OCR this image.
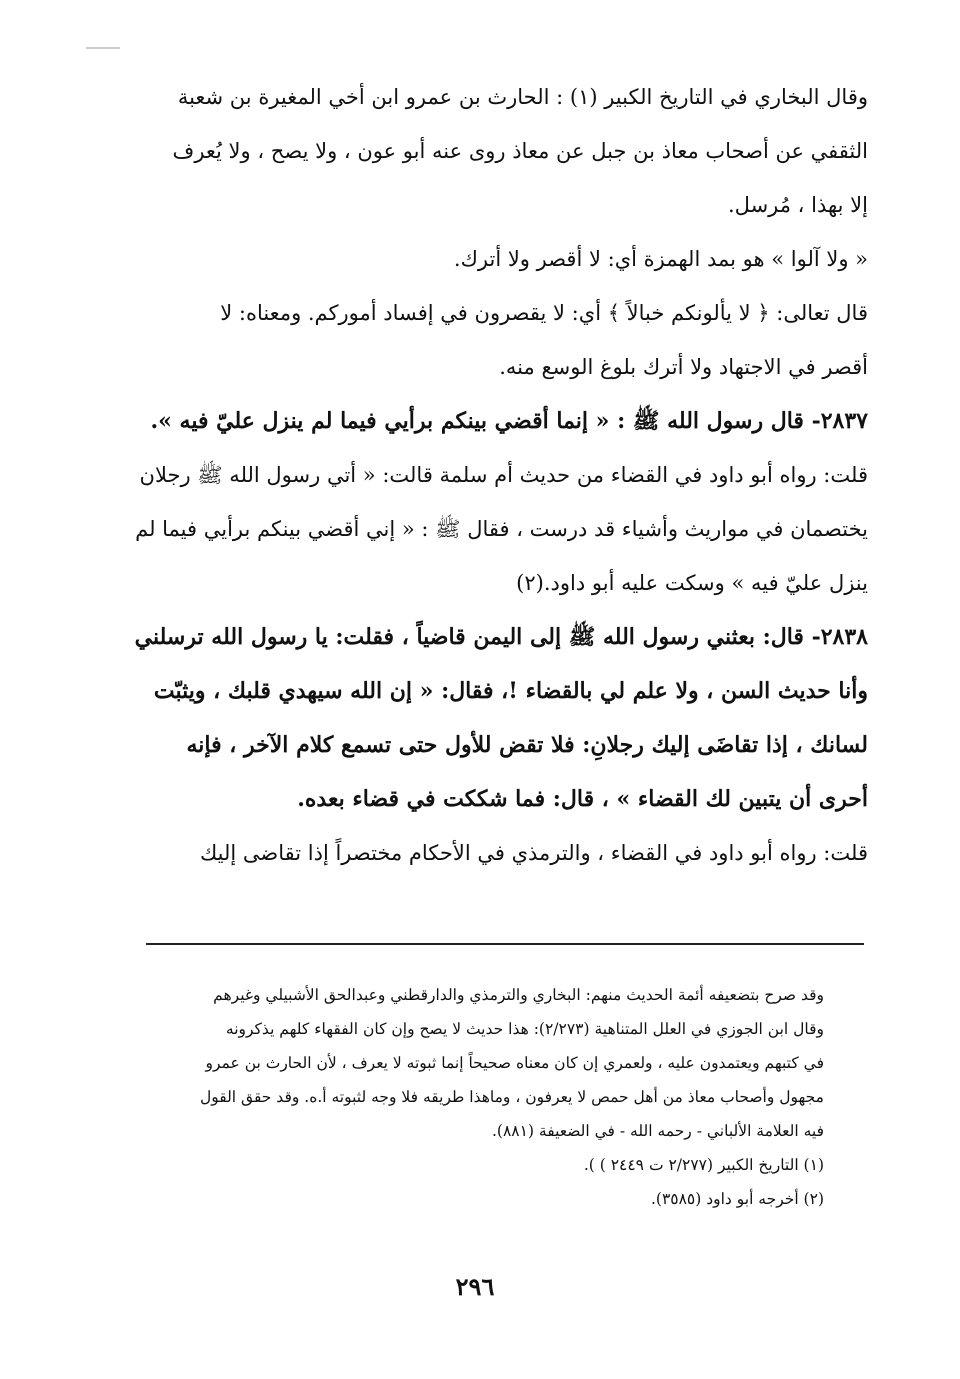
وقال البخاري في التاريخ الكبير (١) : الحارث بن عمرو ابن أخي المغيرة بن شعبة
الثقفي عن أصحاب معاذ بن جبل عن معاذ روى عنه أبو عون ، ولا يصح ، ولا يُعرف
إلا بهذا ، مُرسل.
« ولا آلوا » هو بمد الهمزة أي: لا أقصر ولا أترك.
قال تعالى: ﴿ لا يألونكم خبالاً ﴾ أي: لا يقصرون في إفساد أموركم. ومعناه: لا
أقصر في الاجتهاد ولا أترك بلوغ الوسع منه.
٢٨٣٧- قال رسول الله ﷺ : « إنما أقضي بينكم برأيي فيما لم ينزل عليّ فيه ».
قلت: رواه أبو داود في القضاء من حديث أم سلمة قالت: « أتي رسول الله ﷺ رجلان
يختصمان في مواريث وأشياء قد درست ، فقال ﷺ : « إني أقضي بينكم برأيي فيما لم
ينزل عليّ فيه » وسكت عليه أبو داود.(٢)
٢٨٣٨- قال: بعثني رسول الله ﷺ إلى اليمن قاضياً ، فقلت: يا رسول الله ترسلني
وأنا حديث السن ، ولا علم لي بالقضاء !، فقال: « إن الله سيهدي قلبك ، ويثبّت
لسانك ، إذا تقاضَى إليك رجلانِ: فلا تقض للأول حتى تسمع كلام الآخر ، فإنه
أحرى أن يتبين لك القضاء » ، قال: فما شككت في قضاء بعده.
قلت: رواه أبو داود في القضاء ، والترمذي في الأحكام مختصراً إذا تقاضى إليك
وقد صرح بتضعيفه أئمة الحديث منهم: البخاري والترمذي والدارقطني وعبدالحق الأشبيلي وغيرهم
وقال ابن الجوزي في العلل المتناهية (٢/٢٧٣): هذا حديث لا يصح وإن كان الفقهاء كلهم يذكرونه
في كتبهم ويعتمدون عليه ، ولعمري إن كان معناه صحيحاً إنما ثبوته لا يعرف ، لأن الحارث بن عمرو
مجهول وأصحاب معاذ من أهل حمص لا يعرفون ، وماهذا طريقه فلا وجه لثبوته أ.ه. وقد حقق القول
فيه العلامة الألباني - رحمه الله - في الضعيفة (٨٨١).
(١) التاريخ الكبير (٢/٢٧٧ ت ٢٤٤٩ ) ).
(٢) أخرجه أبو داود (٣٥٨٥).
٢٩٦
